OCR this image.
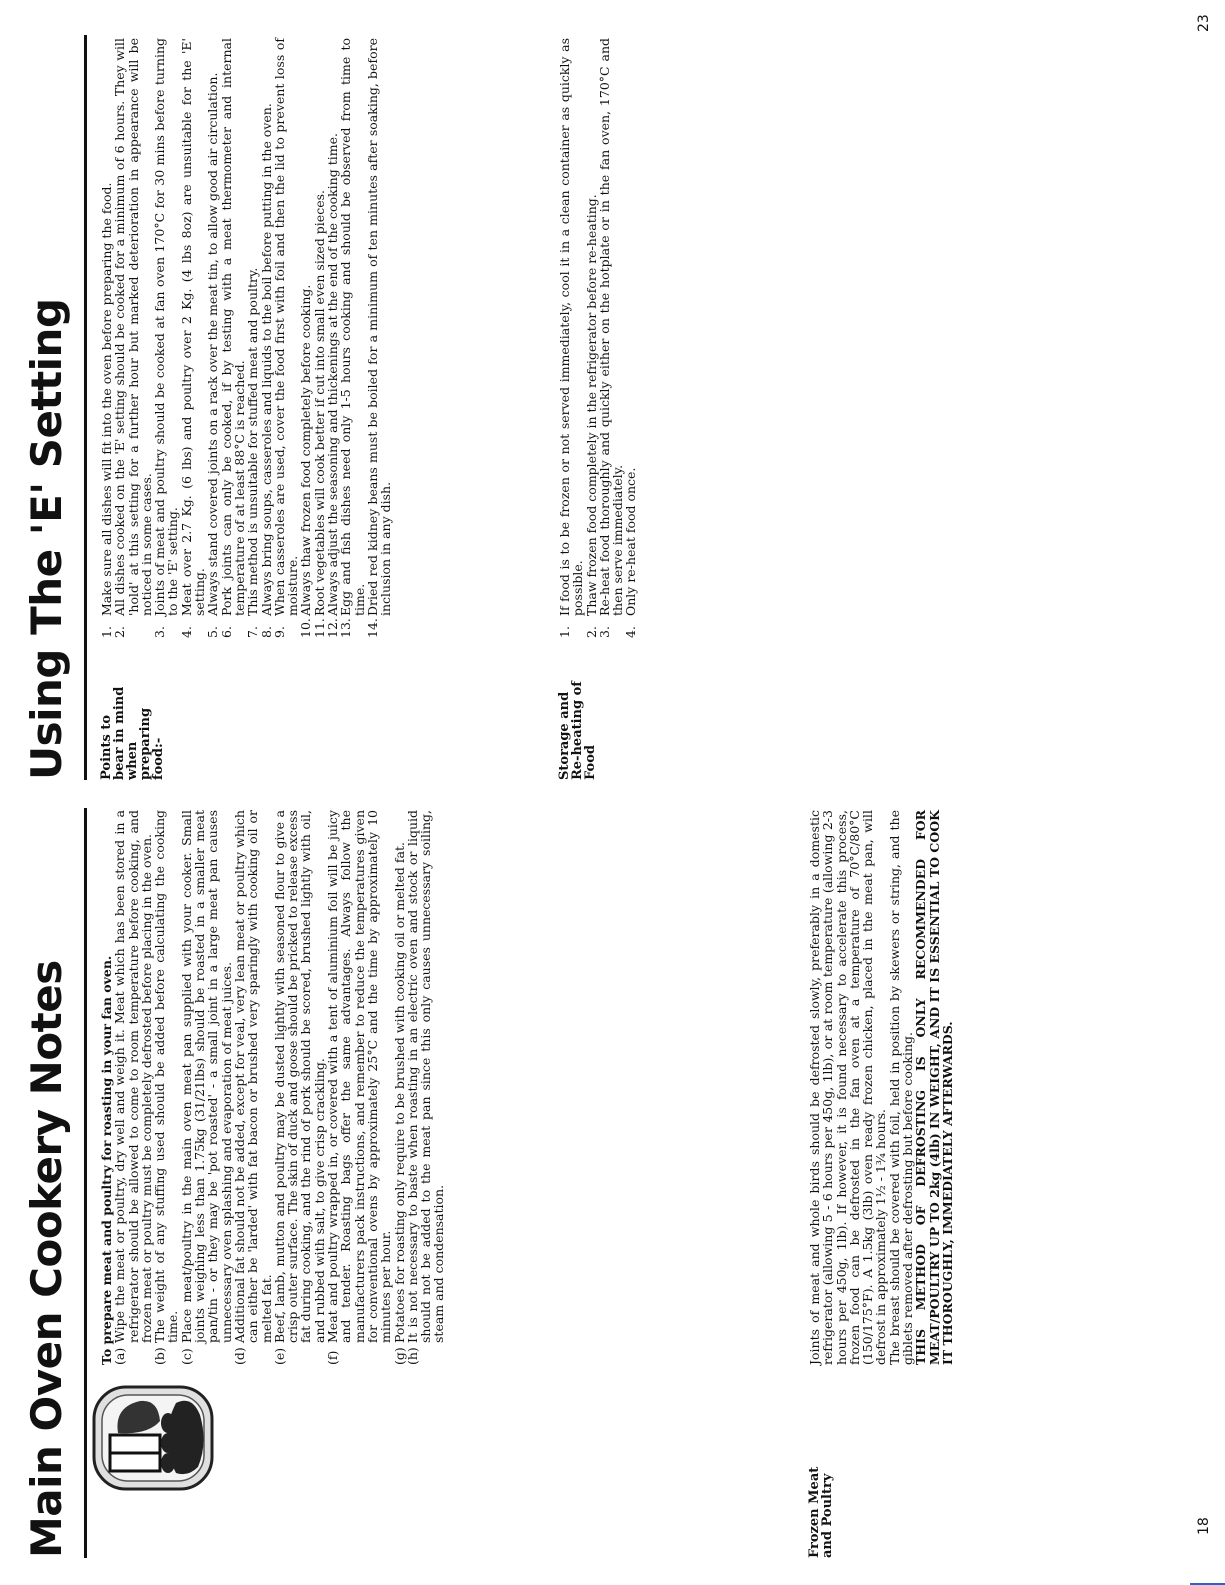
Main Oven Cookery Notes To prepare meat and poultry for roasting in your fan oven.

(a)
Wipe the meat or poultry, dry well and weigh it. Meat which has been stored in a refrigerator should be allowed to come to room temperature before cooking, and frozen meat or poultry must be completely defrosted before placing in the oven.
(b)
The weight of any stuffing used should be added before calculating the cooking time.
(c)
Place meat/poultry in the main oven meat pan supplied with your cooker. Small joints weighing less than 1.75kg (31/21lbs) should be roasted in a smaller meat pan/tin - or they may be 'pot roasted' - a small joint in a large meat pan causes unnecessary oven splashing and evaporation of meat juices.
(d)
Additional fat should not be added, except for veal, very lean meat or poultry which can either be 'larded' with fat bacon or brushed very sparingly with cooking oil or melted fat.
(e)
Beef, lamb, mutton and poultry may be dusted lightly with seasoned flour to give a crisp outer surface. The skin of duck and goose should be pricked to release excess fat during cooking, and the rind of pork should be scored, brushed lightly with oil, and rubbed with salt, to give crisp crackling.
(f)
Meat and poultry wrapped in, or covered with a tent of aluminium foil will be juicy and tender. Roasting bags offer the same advantages. Always follow the manufacturers pack instructions, and remember to reduce the temperatures given for conventional ovens by approximately 25°C and the time by approximately 10 minutes per hour.
(g)
Potatoes for roasting only require to be brushed with cooking oil or melted fat.
(h)
It is not necessary to baste when roasting in an electric oven and stock or liquid should not be added to the meat pan since this only causes unnecessary soiling, steam and condensation.
Frozen Meat and Poultry

Joints of meat and whole birds should be defrosted slowly, preferably in a domestic refrigerator (allowing 5 - 6 hours per 450g, 1lb), or at room temperature (allowing 2-3 hours per 450g, 1lb). If however, it is found necessary to accelerate this process, frozen food can be defrosted in the fan oven at a temperature of 70°C/80°C (150/175°F). A 1.5kg (3lb) oven ready frozen chicken, placed in the meat pan, will defrost in approximately 1½ - 1¾ hours.

The breast should be covered with foil, held in position by skewers or string, and the giblets removed after defrosting but before cooking.

THIS METHOD OF DEFROSTING IS ONLY RECOMMENDED FOR MEAT/POULTRY UP TO 2kg (4lb) IN WEIGHT, AND IT IS ESSENTIAL TO COOK IT THOROUGHLY, IMMEDIATELY AFTERWARDS.

18
Using The 'E' Setting Points to bear in mind when preparing food:-
1.
Make sure all dishes will fit into the oven before preparing the food.
2.
All dishes cooked on the 'E' setting should be cooked for a minimum of 6 hours. They will 'hold' at this setting for a further hour but marked deterioration in appearance will be noticed in some cases.
3.
Joints of meat and poultry should be cooked at fan oven 170°C for 30 mins before turning to the 'E' setting.
4.
Meat over 2.7 Kg. (6 lbs) and poultry over 2 Kg. (4 lbs 8oz) are unsuitable for the 'E' setting.
5.
Always stand covered joints on a rack over the meat tin, to allow good air circulation.
6.
Pork joints can only be cooked, if by testing with a meat thermometer and internal temperature of at least 88°C is reached.
7.
This method is unsuitable for stuffed meat and poultry.
8.
Always bring soups, casseroles and liquids to the boil before putting in the oven.
9.
When casseroles are used, cover the food first with foil and then the lid to prevent loss of moisture.
10.
Always thaw frozen food completely before cooking.
11.
Root vegetables will cook better if cut into small even sized pieces.
12.
Always adjust the seasoning and thickenings at the end of the cooking time.
13.
Egg and fish dishes need only 1-5 hours cooking and should be observed from time to time.
14.
Dried red kidney beans must be boiled for a minimum of ten minutes after soaking, before inclusion in any dish.
Storage and Re-heating of Food
1.
If food is to be frozen or not served immediately, cool it in a clean container as quickly as possible.
2.
Thaw frozen food completely in the refrigerator before re-heating.
3.
Re-heat food thoroughly and quickly either on the hotplate or in the fan oven, 170°C and then serve immediately.
4.
Only re-heat food once.
23
